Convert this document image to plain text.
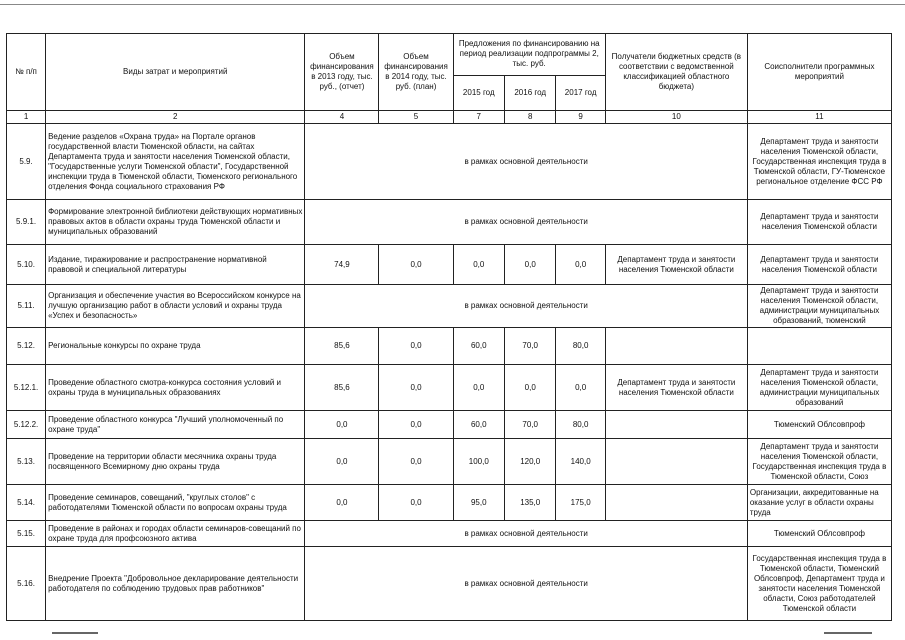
№ п/п	Виды затрат и мероприятий	Объем финансирования в 2013 году, тыс. руб., (отчет)	Объем финансирования в 2014 году, тыс. руб. (план)	Предложения по финансированию на период реализации подпрограммы 2, тыс. руб.			Получатели бюджетных средств (в соответствии с ведомственной классификацией областного бюджета)	Соисполнители программных мероприятий
				2015 год	2016 год	2017 год		
1	2	4	5	7	8	9	10	11
5.9.	Ведение разделов «Охрана труда» на Портале органов государственной власти Тюменской области, на сайтах Департамента труда и занятости населения Тюменской области, "Государственные услуги Тюменской области", Государственной инспекции труда в Тюменской области, Тюменского регионального отделения Фонда социального страхования РФ	в рамках основной деятельности						Департамент труда и занятости населения Тюменской области, Государственная инспекция труда в Тюменской области, ГУ-Тюменское региональное отделение ФСС РФ
5.9.1.	Формирование электронной библиотеки действующих нормативных правовых актов в области охраны труда Тюменской области и муниципальных образований	в рамках основной деятельности						Департамент труда и занятости населения Тюменской области
5.10.	Издание, тиражирование и распространение нормативной правовой и специальной литературы	74,9	0,0	0,0	0,0	0,0	Департамент труда и занятости населения Тюменской области	Департамент труда и занятости населения Тюменской области
5.11.	Организация и обеспечение участия во Всероссийском конкурсе на лучшую организацию работ в области условий и охраны труда «Успех и безопасность»	в рамках основной деятельности						Департамент труда и занятости населения Тюменской области, администрации муниципальных образований, тюменский
5.12.	Региональные конкурсы по охране труда	85,6	0,0	60,0	70,0	80,0		
5.12.1.	Проведение областного смотра-конкурса состояния условий и охраны труда в муниципальных образованиях	85,6	0,0	0,0	0,0	0,0	Департамент труда и занятости населения Тюменской области	Департамент труда и занятости населения Тюменской области, администрации муниципальных образований
5.12.2.	Проведение областного конкурса "Лучший уполномоченный по охране труда"	0,0	0,0	60,0	70,0	80,0		Тюменский Облсовпроф
5.13.	Проведение на территории области месячника охраны труда посвященного Всемирному дню охраны труда	0,0	0,0	100,0	120,0	140,0		Департамент труда и занятости населения Тюменской области, Государственная инспекция труда в Тюменской области, Союз
5.14.	Проведение семинаров, совещаний, "круглых столов" с работодателями Тюменской области по вопросам охраны труда	0,0	0,0	95,0	135,0	175,0		Организации, аккредитованные на оказание услуг в области охраны труда
5.15.	Проведение в районах и городах области семинаров-совещаний по охране труда для профсоюзного актива	в рамках основной деятельности						Тюменский Облсовпроф
5.16.	Внедрение Проекта "Добровольное декларирование деятельности работодателя по соблюдению трудовых прав работников"	в рамках основной деятельности						Государственная инспекция труда в Тюменской области, Тюменский Облсовпроф, Департамент труда и занятости населения Тюменской области, Союз работодателей Тюменской области
